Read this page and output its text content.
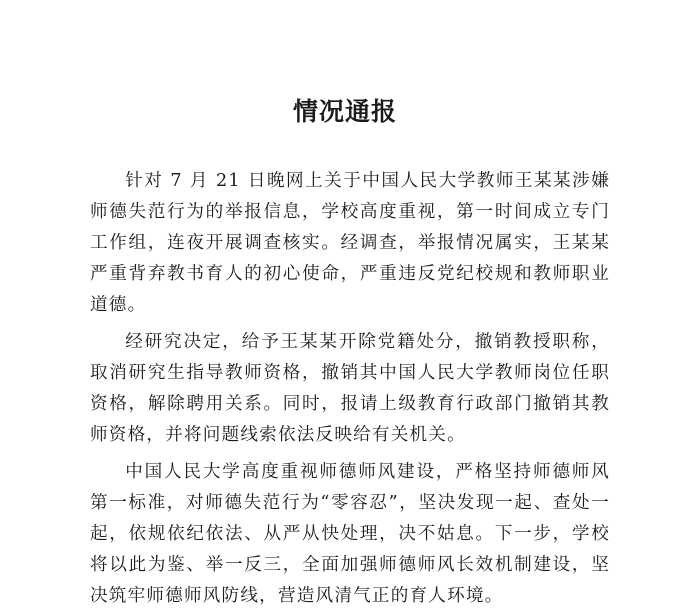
情况通报

针对 7 月 21 日晚网上关于中国人民大学教师王某某涉嫌师德失范行为的举报信息，学校高度重视，第一时间成立专门工作组，连夜开展调查核实。经调查，举报情况属实，王某某严重背弃教书育人的初心使命，严重违反党纪校规和教师职业道德。

经研究决定，给予王某某开除党籍处分，撤销教授职称，取消研究生指导教师资格，撤销其中国人民大学教师岗位任职资格，解除聘用关系。同时，报请上级教育行政部门撤销其教师资格，并将问题线索依法反映给有关机关。

中国人民大学高度重视师德师风建设，严格坚持师德师风第一标准，对师德失范行为“零容忍”，坚决发现一起、查处一起，依规依纪依法、从严从快处理，决不姑息。下一步，学校将以此为鉴、举一反三，全面加强师德师风长效机制建设，坚决筑牢师德师风防线，营造风清气正的育人环境。
